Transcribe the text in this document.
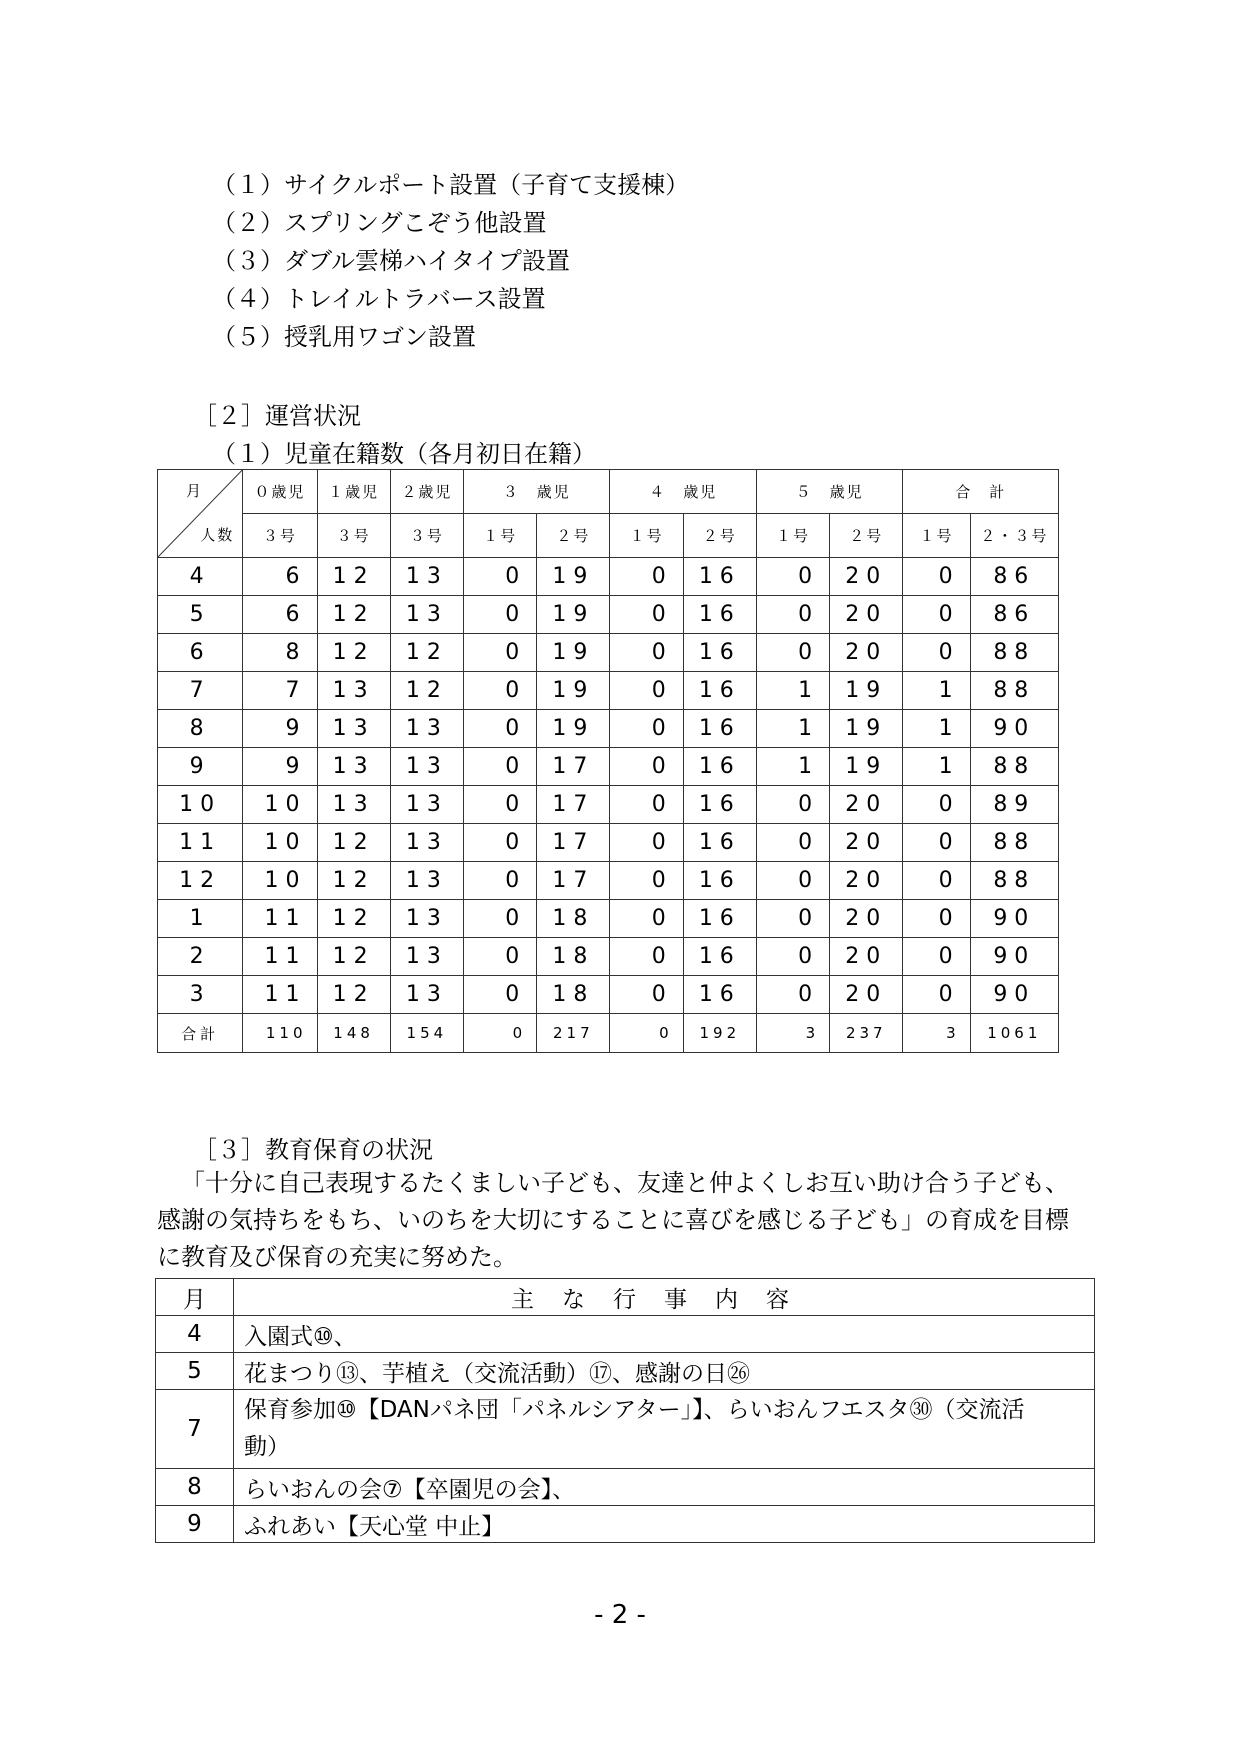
（１）サイクルポート設置（子育て支援棟）
（２）スプリングこぞう他設置
（３）ダブル雲梯ハイタイプ設置
（４）トレイルトラバース設置
（５）授乳用ワゴン設置
［２］運営状況
（１）児童在籍数（各月初日在籍）
月
人数	０歳児	１歳児	２歳児	３　歳児		４　歳児		５　歳児		合　計	
	３号	３号	３号	１号	２号	１号	２号	１号	２号	１号	２・３号
4	6	12	13	0	19	0	16	0	20	0	86
5	6	12	13	0	19	0	16	0	20	0	86
6	8	12	12	0	19	0	16	0	20	0	88
7	7	13	12	0	19	0	16	1	19	1	88
8	9	13	13	0	19	0	16	1	19	1	90
9	9	13	13	0	17	0	16	1	19	1	88
10	10	13	13	0	17	0	16	0	20	0	89
11	10	12	13	0	17	0	16	0	20	0	88
12	10	12	13	0	17	0	16	0	20	0	88
1	11	12	13	0	18	0	16	0	20	0	90
2	11	12	13	0	18	0	16	0	20	0	90
3	11	12	13	0	18	0	16	0	20	0	90
合計	110	148	154	0	217	0	192	3	237	3	1061
［３］教育保育の状況
「十分に自己表現するたくましい子ども、友達と仲よくしお互い助け合う子ども、
感謝の気持ちをもち、いのちを大切にすることに喜びを感じる子ども」の育成を目標
に教育及び保育の充実に努めた。
月	主な行事内容
4	入園式⑩、
5	花まつり⑬、芋植え（交流活動）⑰、感謝の日㉖
7	保育参加⑩【DANパネ団「パネルシアター」】、らいおんフエスタ㉚（交流活
動）

8	らいおんの会⑦【卒園児の会】、
9	ふれあい【天心堂 中止】
- 2 -
